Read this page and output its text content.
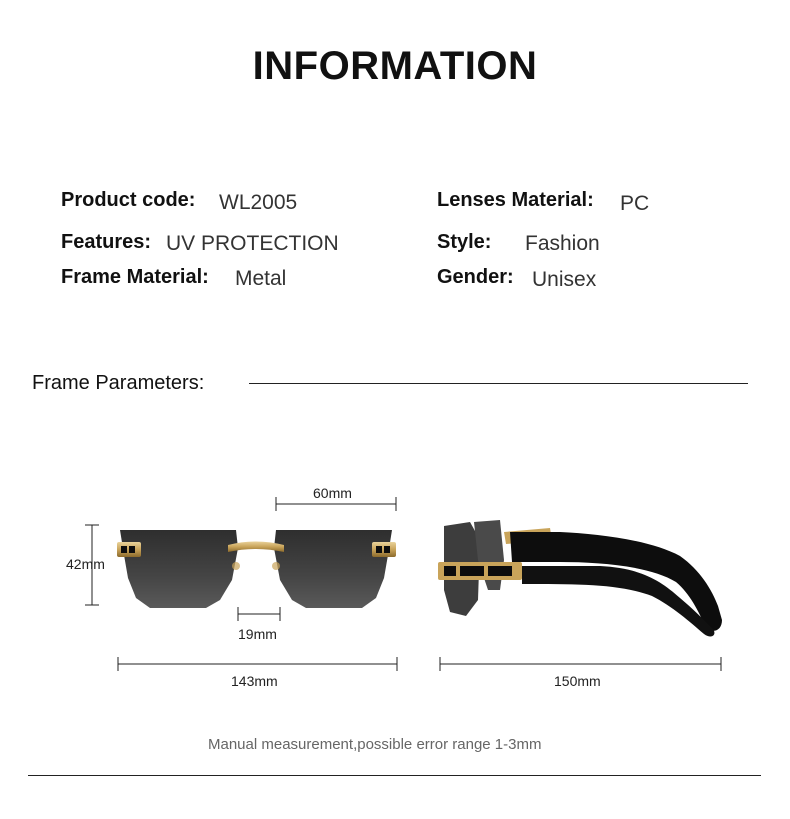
INFORMATION
Product code: WL2005	Lenses Material: PC
Features: UV PROTECTION	Style: Fashion
Frame Material: Metal	Gender: Unisex
Frame Parameters:
60mm
42mm
19mm
143mm	150mm
Manual measurement,possible error range 1-3mm
